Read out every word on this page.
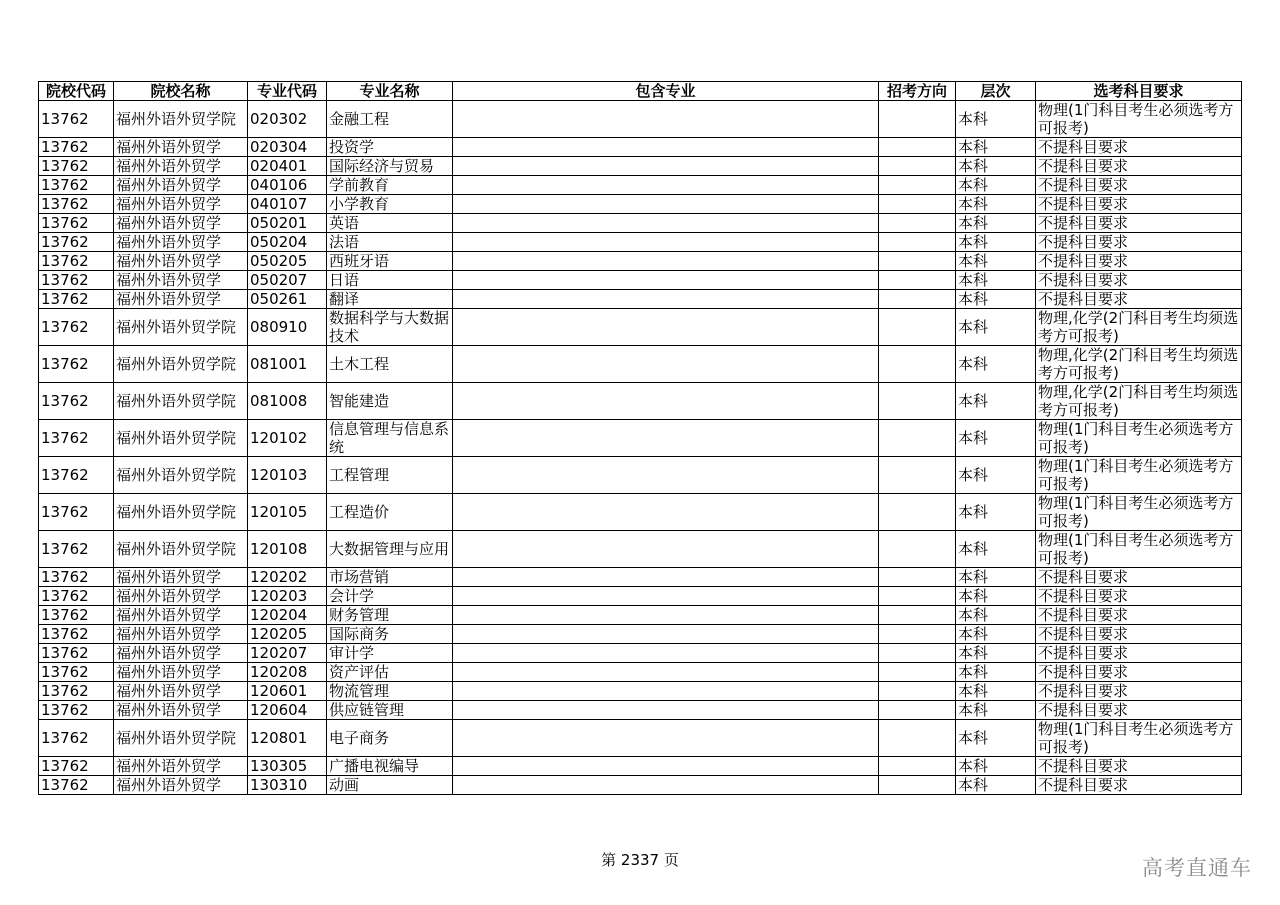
院校代码	院校名称	专业代码	专业名称	包含专业	招考方向	层次	选考科目要求
13762	福州外语外贸学院	020302	金融工程			本科	物理(1门科目考生必须选考方可报考)
13762	福州外语外贸学	020304	投资学			本科	不提科目要求
13762	福州外语外贸学	020401	国际经济与贸易			本科	不提科目要求
13762	福州外语外贸学	040106	学前教育			本科	不提科目要求
13762	福州外语外贸学	040107	小学教育			本科	不提科目要求
13762	福州外语外贸学	050201	英语			本科	不提科目要求
13762	福州外语外贸学	050204	法语			本科	不提科目要求
13762	福州外语外贸学	050205	西班牙语			本科	不提科目要求
13762	福州外语外贸学	050207	日语			本科	不提科目要求
13762	福州外语外贸学	050261	翻译			本科	不提科目要求
13762	福州外语外贸学院	080910	数据科学与大数据技术			本科	物理,化学(2门科目考生均须选考方可报考)
13762	福州外语外贸学院	081001	土木工程			本科	物理,化学(2门科目考生均须选考方可报考)
13762	福州外语外贸学院	081008	智能建造			本科	物理,化学(2门科目考生均须选考方可报考)
13762	福州外语外贸学院	120102	信息管理与信息系统			本科	物理(1门科目考生必须选考方可报考)
13762	福州外语外贸学院	120103	工程管理			本科	物理(1门科目考生必须选考方可报考)
13762	福州外语外贸学院	120105	工程造价			本科	物理(1门科目考生必须选考方可报考)
13762	福州外语外贸学院	120108	大数据管理与应用			本科	物理(1门科目考生必须选考方可报考)
13762	福州外语外贸学	120202	市场营销			本科	不提科目要求
13762	福州外语外贸学	120203	会计学			本科	不提科目要求
13762	福州外语外贸学	120204	财务管理			本科	不提科目要求
13762	福州外语外贸学	120205	国际商务			本科	不提科目要求
13762	福州外语外贸学	120207	审计学			本科	不提科目要求
13762	福州外语外贸学	120208	资产评估			本科	不提科目要求
13762	福州外语外贸学	120601	物流管理			本科	不提科目要求
13762	福州外语外贸学	120604	供应链管理			本科	不提科目要求
13762	福州外语外贸学院	120801	电子商务			本科	物理(1门科目考生必须选考方可报考)
13762	福州外语外贸学	130305	广播电视编导			本科	不提科目要求
13762	福州外语外贸学	130310	动画			本科	不提科目要求
第 2337 页	高考直通车
